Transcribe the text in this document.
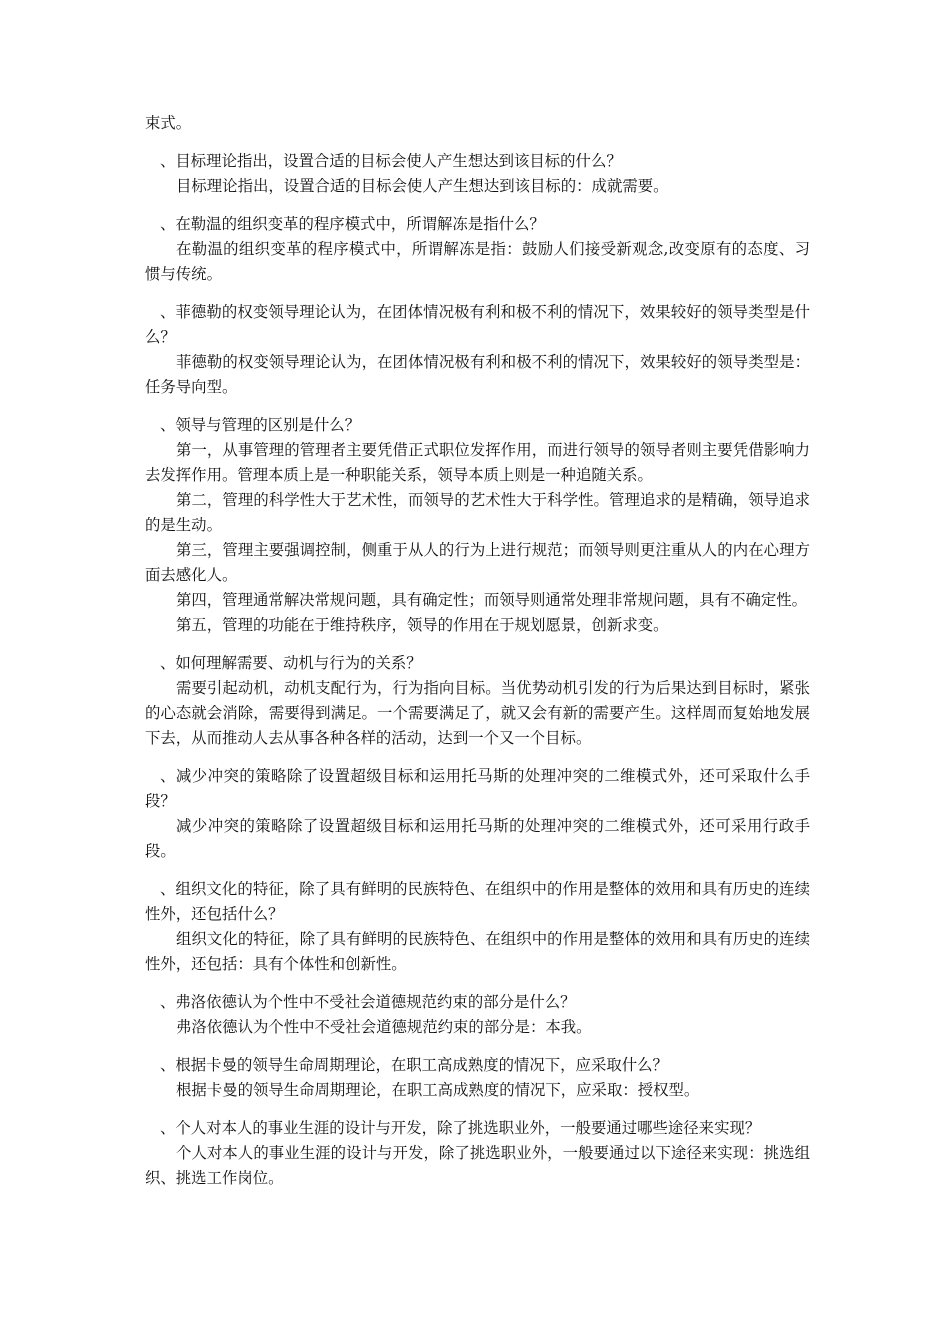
束式。

、目标理论指出，设置合适的目标会使人产生想达到该目标的什么？

目标理论指出，设置合适的目标会使人产生想达到该目标的：成就需要。

、在勒温的组织变革的程序模式中，所谓解冻是指什么？

在勒温的组织变革的程序模式中，所谓解冻是指：鼓励人们接受新观念,改变原有的态度、习惯与传统。

、菲德勒的权变领导理论认为，在团体情况极有利和极不利的情况下，效果较好的领导类型是什么？

菲德勒的权变领导理论认为，在团体情况极有利和极不利的情况下，效果较好的领导类型是：任务导向型。

、领导与管理的区别是什么？

第一，从事管理的管理者主要凭借正式职位发挥作用，而进行领导的领导者则主要凭借影响力去发挥作用。管理本质上是一种职能关系，领导本质上则是一种追随关系。

第二，管理的科学性大于艺术性，而领导的艺术性大于科学性。管理追求的是精确，领导追求的是生动。

第三，管理主要强调控制，侧重于从人的行为上进行规范；而领导则更注重从人的内在心理方面去感化人。

第四，管理通常解决常规问题，具有确定性；而领导则通常处理非常规问题，具有不确定性。

第五，管理的功能在于维持秩序，领导的作用在于规划愿景，创新求变。

、如何理解需要、动机与行为的关系？

需要引起动机，动机支配行为，行为指向目标。当优势动机引发的行为后果达到目标时，紧张的心态就会消除，需要得到满足。一个需要满足了，就又会有新的需要产生。这样周而复始地发展下去，从而推动人去从事各种各样的活动，达到一个又一个目标。

、减少冲突的策略除了设置超级目标和运用托马斯的处理冲突的二维模式外，还可采取什么手段？

减少冲突的策略除了设置超级目标和运用托马斯的处理冲突的二维模式外，还可采用行政手段。

、组织文化的特征，除了具有鲜明的民族特色、在组织中的作用是整体的效用和具有历史的连续性外，还包括什么？

组织文化的特征，除了具有鲜明的民族特色、在组织中的作用是整体的效用和具有历史的连续性外，还包括：具有个体性和创新性。

、弗洛依德认为个性中不受社会道德规范约束的部分是什么？

弗洛依德认为个性中不受社会道德规范约束的部分是：本我。

、根据卡曼的领导生命周期理论，在职工高成熟度的情况下，应采取什么？

根据卡曼的领导生命周期理论，在职工高成熟度的情况下，应采取：授权型。

、个人对本人的事业生涯的设计与开发，除了挑选职业外，一般要通过哪些途径来实现？

个人对本人的事业生涯的设计与开发，除了挑选职业外，一般要通过以下途径来实现：挑选组织、挑选工作岗位。
